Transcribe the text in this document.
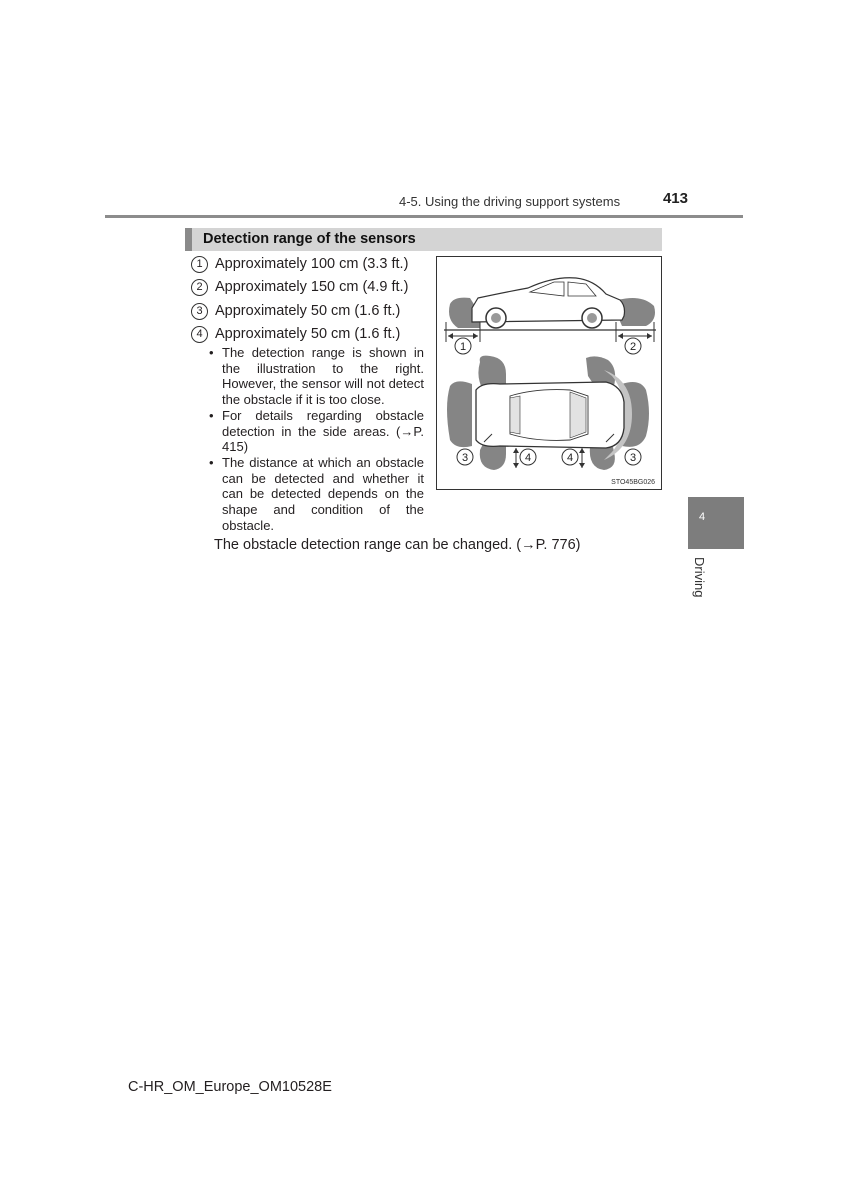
4-5. Using the driving support systems	413
Detection range of the sensors
1 Approximately 100 cm (3.3 ft.)
2 Approximately 150 cm (4.9 ft.)
3 Approximately 50 cm (1.6 ft.)
4 Approximately 50 cm (1.6 ft.)
• The detection range is shown in the illustration to the right. However, the sensor will not detect the obstacle if it is too close.
• For details regarding obstacle detection in the side areas. (→P. 415)
• The distance at which an obstacle can be detected and whether it can be detected depends on the shape and condition of the obstacle.
The obstacle detection range can be changed. (→P. 776)
1	2
3	4	4	3
STO45BG026
4
Driving
C-HR_OM_Europe_OM10528E
